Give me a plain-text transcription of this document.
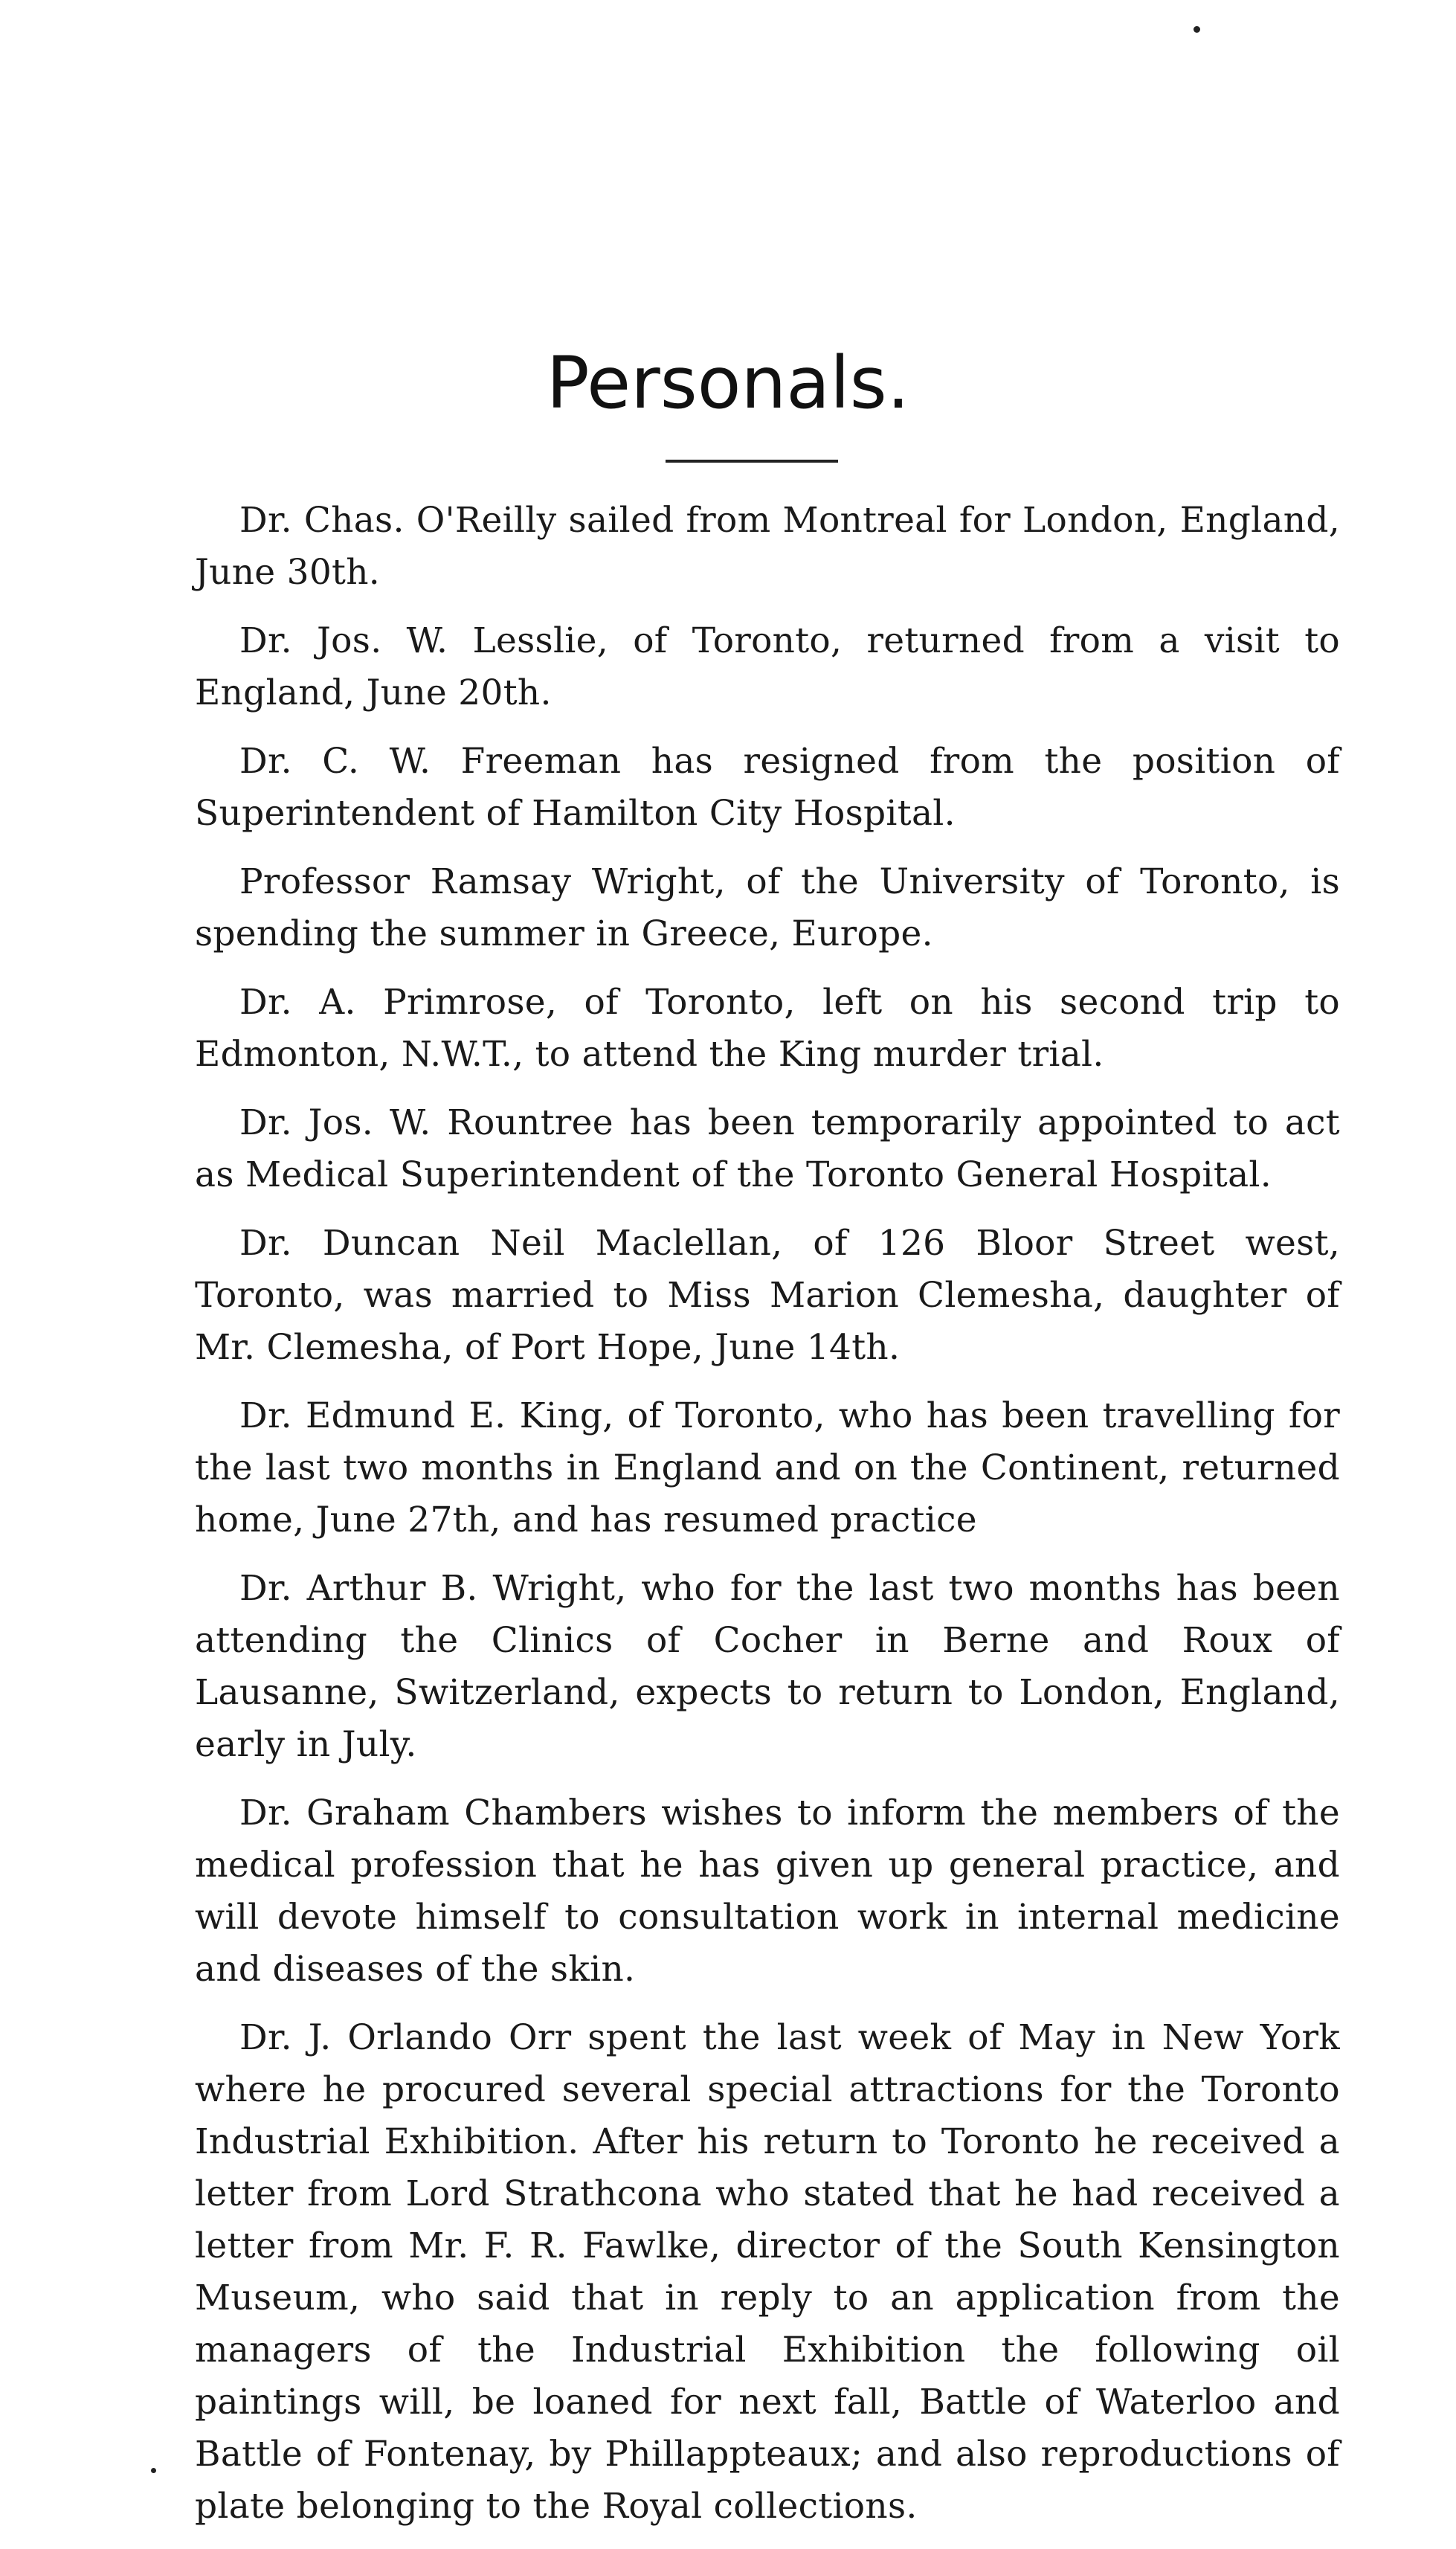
Personals.

Dr. Chas. O'Reilly sailed from Montreal for London, England, June 30th.

Dr. Jos. W. Lesslie, of Toronto, returned from a visit to England, June 20th.

Dr. C. W. Freeman has resigned from the position of Superintendent of Hamilton City Hospital.

Professor Ramsay Wright, of the University of Toronto, is spending the summer in Greece, Europe.

Dr. A. Primrose, of Toronto, left on his second trip to Edmonton, N.W.T., to attend the King murder trial.

Dr. Jos. W. Rountree has been temporarily appointed to act as Medical Superintendent of the Toronto General Hospital.

Dr. Duncan Neil Maclellan, of 126 Bloor Street west, Toronto, was married to Miss Marion Clemesha, daughter of Mr. Clemesha, of Port Hope, June 14th.

Dr. Edmund E. King, of Toronto, who has been travelling for the last two months in England and on the Continent, returned home, June 27th, and has resumed practice

Dr. Arthur B. Wright, who for the last two months has been attending the Clinics of Cocher in Berne and Roux of Lausanne, Switzerland, expects to return to London, England, early in July.

Dr. Graham Chambers wishes to inform the members of the medical profession that he has given up general practice, and will devote himself to consultation work in internal medicine and diseases of the skin.

Dr. J. Orlando Orr spent the last week of May in New York where he procured several special attractions for the Toronto Industrial Exhibition. After his return to Toronto he received a letter from Lord Strathcona who stated that he had received a letter from Mr. F. R. Fawlke, director of the South Kensington Museum, who said that in reply to an application from the managers of the Industrial Exhibition the following oil paintings will, be loaned for next fall, Battle of Waterloo and Battle of Fontenay, by Phillappteaux; and also reproductions of plate belonging to the Royal collections.
